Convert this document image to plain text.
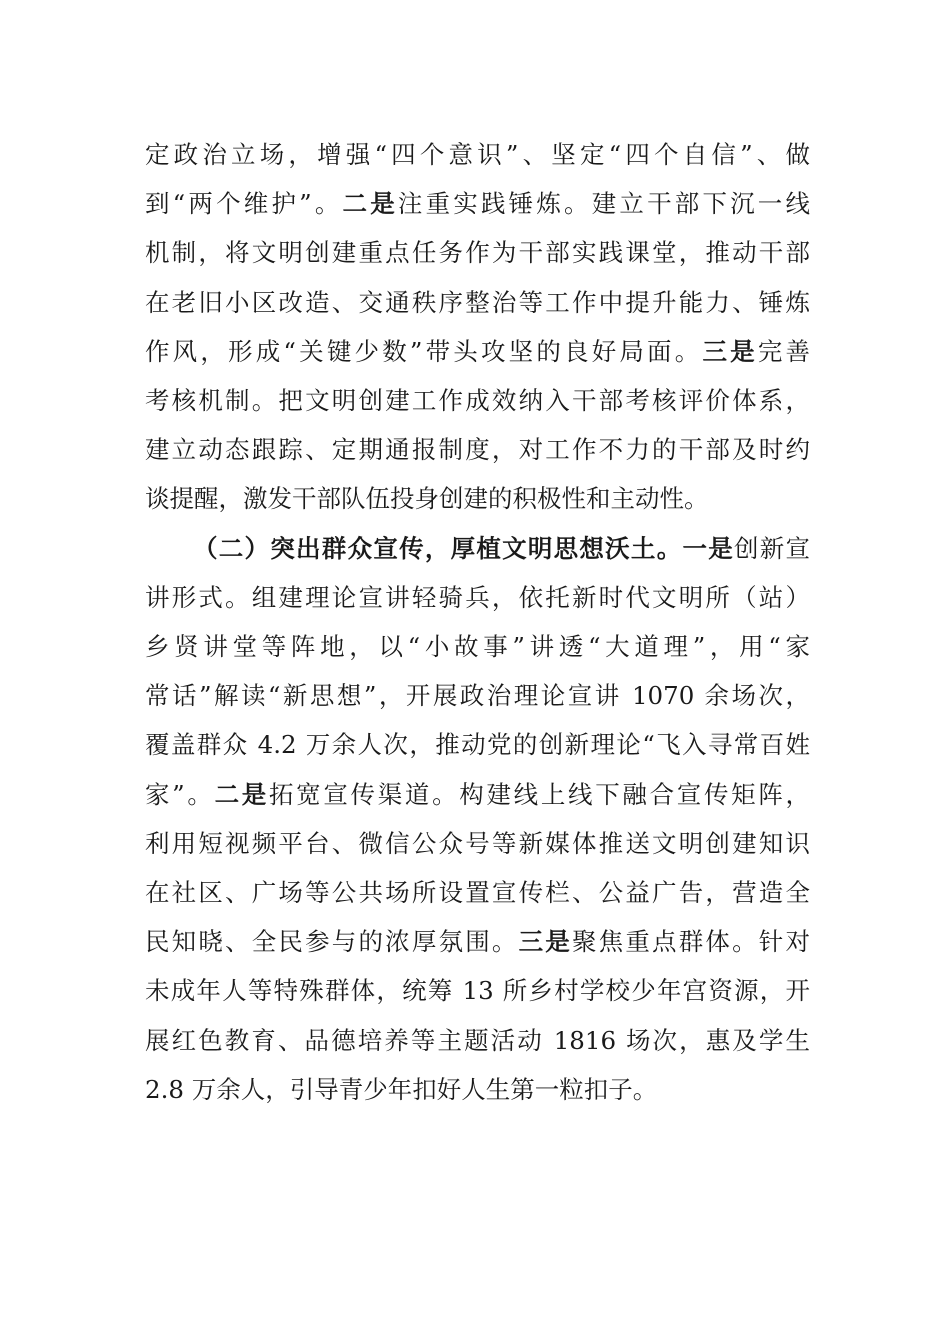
定政治立场，增强“四个意识”、坚定“四个自信”、做
到“两个维护”。二是注重实践锤炼。建立干部下沉一线
机制，将文明创建重点任务作为干部实践课堂，推动干部
在老旧小区改造、交通秩序整治等工作中提升能力、锤炼
作风，形成“关键少数”带头攻坚的良好局面。三是完善
考核机制。把文明创建工作成效纳入干部考核评价体系，
建立动态跟踪、定期通报制度，对工作不力的干部及时约
谈提醒，激发干部队伍投身创建的积极性和主动性。
（二）突出群众宣传，厚植文明思想沃土。一是创新宣
讲形式。组建理论宣讲轻骑兵，依托新时代文明所（站）
乡贤讲堂等阵地，以“小故事”讲透“大道理”，用“家
常话”解读“新思想”，开展政治理论宣讲 1070 余场次，
覆盖群众 4.2 万余人次，推动党的创新理论“飞入寻常百姓
家”。二是拓宽宣传渠道。构建线上线下融合宣传矩阵，
利用短视频平台、微信公众号等新媒体推送文明创建知识
在社区、广场等公共场所设置宣传栏、公益广告，营造全
民知晓、全民参与的浓厚氛围。三是聚焦重点群体。针对
未成年人等特殊群体，统筹 13 所乡村学校少年宫资源，开
展红色教育、品德培养等主题活动 1816 场次，惠及学生
2.8 万余人，引导青少年扣好人生第一粒扣子。
